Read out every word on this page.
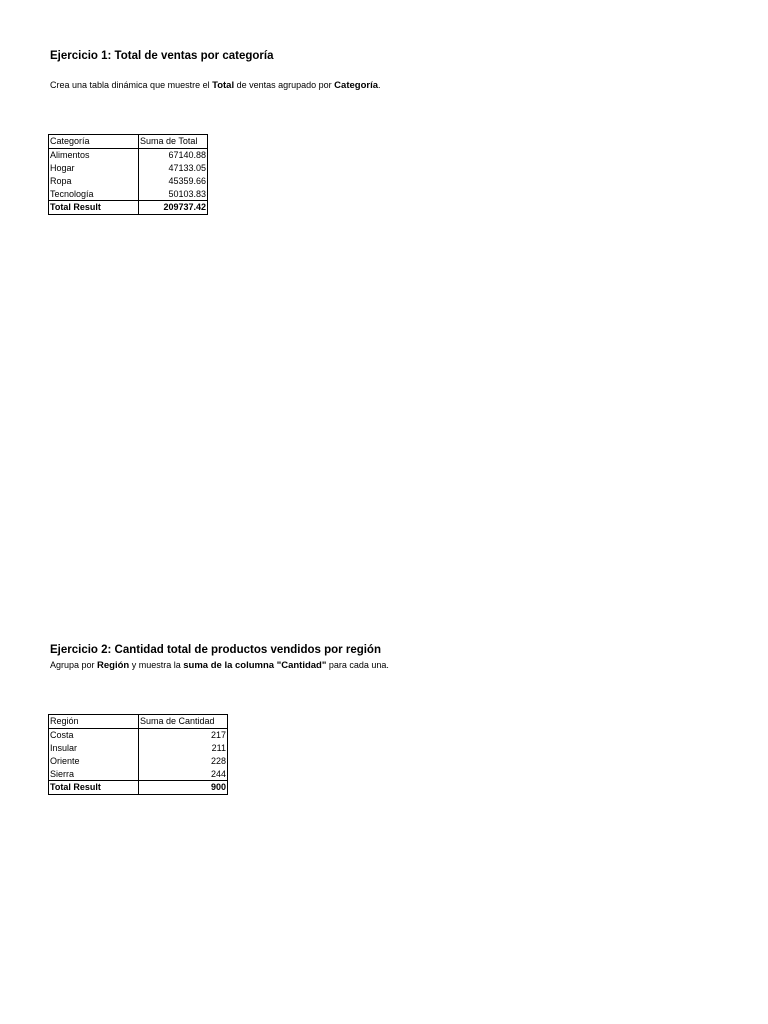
Ejercicio 1: Total de ventas por categoría

Crea una tabla dinámica que muestre el Total de ventas agrupado por Categoría.

Categoría	Suma de Total
Alimentos	67140.88
Hogar	47133.05
Ropa	45359.66
Tecnología	50103.83
Total Result	209737.42
Ejercicio 2: Cantidad total de productos vendidos por región

Agrupa por Región y muestra la suma de la columna "Cantidad" para cada una.

Región	Suma de Cantidad
Costa	217
Insular	211
Oriente	228
Sierra	244
Total Result	900
